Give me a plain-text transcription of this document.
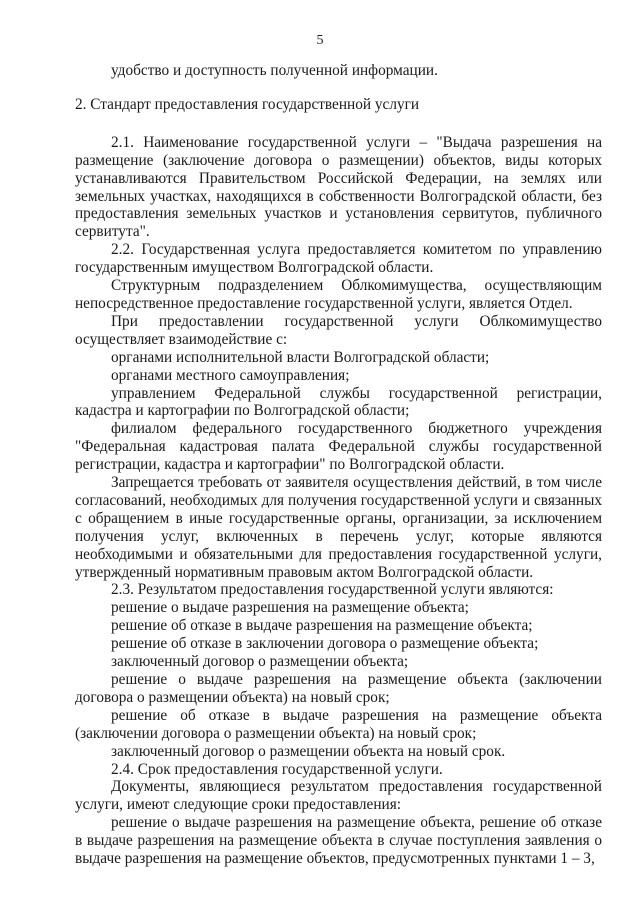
5

удобство и доступность полученной информации.

2. Стандарт предоставления государственной услуги

2.1. Наименование государственной услуги – "Выдача разрешения на размещение (заключение договора о размещении) объектов, виды которых устанавливаются Правительством Российской Федерации, на землях или земельных участках, находящихся в собственности Волгоградской области, без предоставления земельных участков и установления сервитутов, публичного сервитута".

2.2. Государственная услуга предоставляется комитетом по управлению государственным имуществом Волгоградской области.

Структурным подразделением Облкомимущества, осуществляющим непосредственное предоставление государственной услуги, является Отдел.

При предоставлении государственной услуги Облкомимущество осуществляет взаимодействие с:

органами исполнительной власти Волгоградской области;

органами местного самоуправления;

управлением Федеральной службы государственной регистрации, кадастра и картографии по Волгоградской области;

филиалом федерального государственного бюджетного учреждения "Федеральная кадастровая палата Федеральной службы государственной регистрации, кадастра и картографии" по Волгоградской области.

Запрещается требовать от заявителя осуществления действий, в том числе согласований, необходимых для получения государственной услуги и связанных с обращением в иные государственные органы, организации, за исключением получения услуг, включенных в перечень услуг, которые являются необходимыми и обязательными для предоставления государственной услуги, утвержденный нормативным правовым актом Волгоградской области.

2.3. Результатом предоставления государственной услуги являются:

решение о выдаче разрешения на размещение объекта;

решение об отказе в выдаче разрешения на размещение объекта;

решение об отказе в заключении договора о размещение объекта;

заключенный договор о размещении объекта;

решение о выдаче разрешения на размещение объекта (заключении договора о размещении объекта) на новый срок;

решение об отказе в выдаче разрешения на размещение объекта (заключении договора о размещении объекта) на новый срок;

заключенный договор о размещении объекта на новый срок.

2.4. Срок предоставления государственной услуги.

Документы, являющиеся результатом предоставления государственной услуги, имеют следующие сроки предоставления:

решение о выдаче разрешения на размещение объекта, решение об отказе в выдаче разрешения на размещение объекта в случае поступления заявления о выдаче разрешения на размещение объектов, предусмотренных пунктами 1 – 3,
